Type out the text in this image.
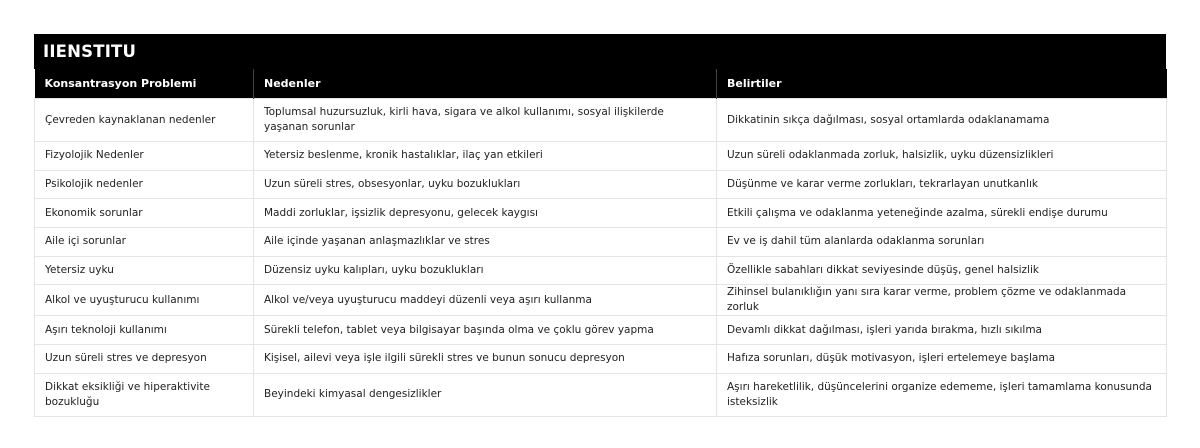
IIENSTITU
Konsantrasyon Problemi	Nedenler	Belirtiler
Çevreden kaynaklanan nedenler	Toplumsal huzursuzluk, kirli hava, sigara ve alkol kullanımı, sosyal ilişkilerde yaşanan sorunlar	Dikkatinin sıkça dağılması, sosyal ortamlarda odaklanamama
Fizyolojik Nedenler	Yetersiz beslenme, kronik hastalıklar, ilaç yan etkileri	Uzun süreli odaklanmada zorluk, halsizlik, uyku düzensizlikleri
Psikolojik nedenler	Uzun süreli stres, obsesyonlar, uyku bozuklukları	Düşünme ve karar verme zorlukları, tekrarlayan unutkanlık
Ekonomik sorunlar	Maddi zorluklar, işsizlik depresyonu, gelecek kaygısı	Etkili çalışma ve odaklanma yeteneğinde azalma, sürekli endişe durumu
Aile içi sorunlar	Aile içinde yaşanan anlaşmazlıklar ve stres	Ev ve iş dahil tüm alanlarda odaklanma sorunları
Yetersiz uyku	Düzensiz uyku kalıpları, uyku bozuklukları	Özellikle sabahları dikkat seviyesinde düşüş, genel halsizlik
Alkol ve uyuşturucu kullanımı	Alkol ve/veya uyuşturucu maddeyi düzenli veya aşırı kullanma	Zihinsel bulanıklığın yanı sıra karar verme, problem çözme ve odaklanmada zorluk
Aşırı teknoloji kullanımı	Sürekli telefon, tablet veya bilgisayar başında olma ve çoklu görev yapma	Devamlı dikkat dağılması, işleri yarıda bırakma, hızlı sıkılma
Uzun süreli stres ve depresyon	Kişisel, ailevi veya işle ilgili sürekli stres ve bunun sonucu depresyon	Hafıza sorunları, düşük motivasyon, işleri ertelemeye başlama
Dikkat eksikliği ve hiperaktivite bozukluğu	Beyindeki kimyasal dengesizlikler	Aşırı hareketlilik, düşüncelerini organize edememe, işleri tamamlama konusunda isteksizlik
